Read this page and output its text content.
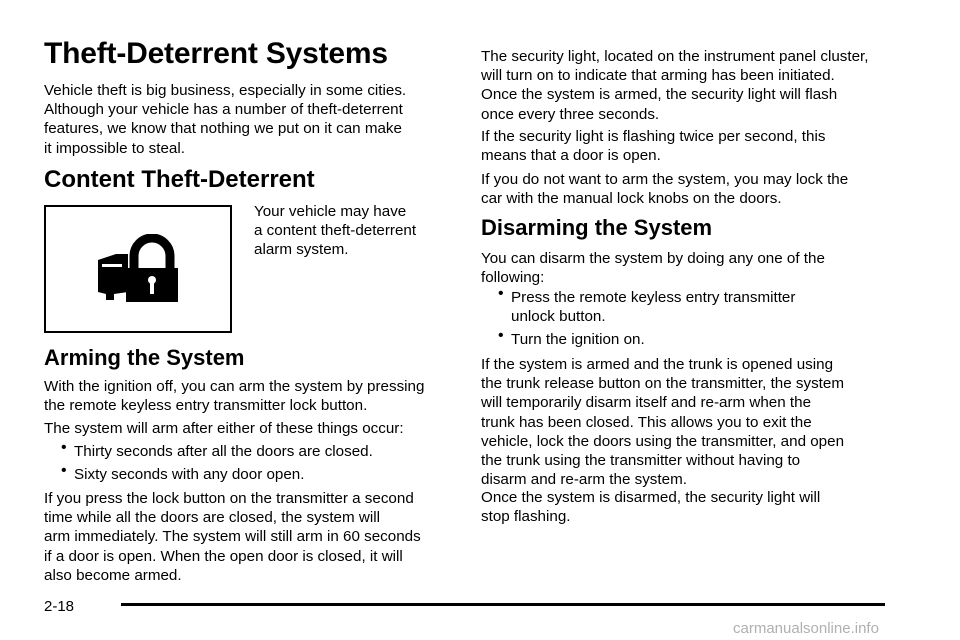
Theft-Deterrent Systems

Vehicle theft is big business, especially in some cities.
Although your vehicle has a number of theft-deterrent
features, we know that nothing we put on it can make
it impossible to steal.

Content Theft-Deterrent

Your vehicle may have
a content theft-deterrent
alarm system.

Arming the System

With the ignition off, you can arm the system by pressing
the remote keyless entry transmitter lock button.

The system will arm after either of these things occur:

• Thirty seconds after all the doors are closed.
• Sixty seconds with any door open.

If you press the lock button on the transmitter a second
time while all the doors are closed, the system will
arm immediately. The system will still arm in 60 seconds
if a door is open. When the open door is closed, it will
also become armed.

The security light, located on the instrument panel cluster,
will turn on to indicate that arming has been initiated.
Once the system is armed, the security light will flash
once every three seconds.

If the security light is flashing twice per second, this
means that a door is open.

If you do not want to arm the system, you may lock the
car with the manual lock knobs on the doors.

Disarming the System

You can disarm the system by doing any one of the
following:

• Press the remote keyless entry transmitter
unlock button.
• Turn the ignition on.

If the system is armed and the trunk is opened using
the trunk release button on the transmitter, the system
will temporarily disarm itself and re-arm when the
trunk has been closed. This allows you to exit the
vehicle, lock the doors using the transmitter, and open
the trunk using the transmitter without having to
disarm and re-arm the system.

Once the system is disarmed, the security light will
stop flashing.

2-18
carmanualsonline.info
